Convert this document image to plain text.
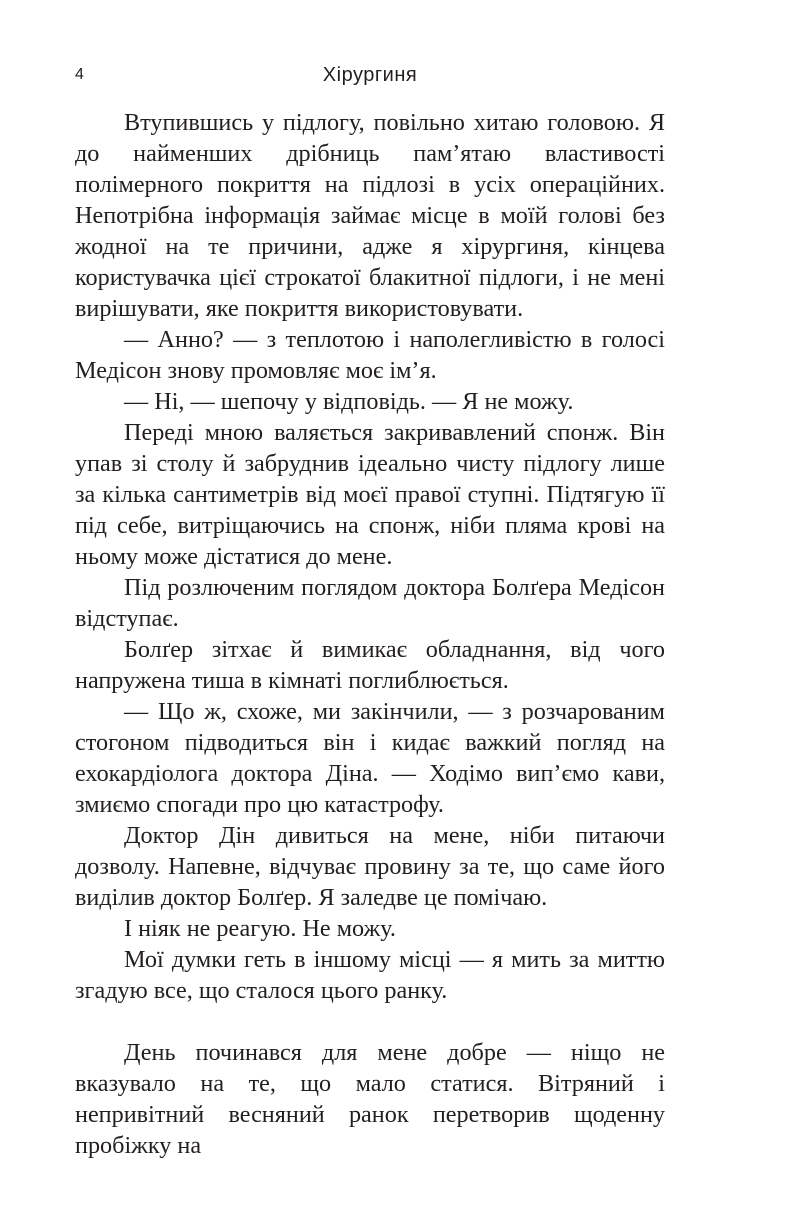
4	Хірургиня

Втупившись у підлогу, повільно хитаю головою. Я до найменших дрібниць пам’ятаю властивості полімерного покриття на підлозі в усіх операційних. Непотрібна інформація займає місце в моїй голові без жодної на те причини, адже я хірургиня, кінцева користувачка цієї строкатої блакитної підлоги, і не мені вирішувати, яке покриття використовувати.

— Анно? — з теплотою і наполегливістю в голосі Медісон знову промовляє моє ім’я.

— Ні, — шепочу у відповідь. — Я не можу.

Переді мною валяється закривавлений спонж. Він упав зі столу й забруднив ідеально чисту підлогу лише за кілька сантиметрів від моєї правої ступні. Підтягую її під себе, витріщаючись на спонж, ніби пляма крові на ньому може дістатися до мене.

Під розлюченим поглядом доктора Болґера Медісон відступає.

Болґер зітхає й вимикає обладнання, від чого напружена тиша в кімнаті поглиблюється.

— Що ж, схоже, ми закінчили, — з розчарованим стогоном підводиться він і кидає важкий погляд на ехокардіолога доктора Діна. — Ходімо вип’ємо кави, змиємо спогади про цю катастрофу.

Доктор Дін дивиться на мене, ніби питаючи дозволу. Напевне, відчуває провину за те, що саме його виділив доктор Болґер. Я заледве це помічаю.

І ніяк не реагую. Не можу.

Мої думки геть в іншому місці — я мить за миттю згадую все, що сталося цього ранку.

День починався для мене добре — ніщо не вказувало на те, що мало статися. Вітряний і непривітний весняний ранок перетворив щоденну пробіжку на
